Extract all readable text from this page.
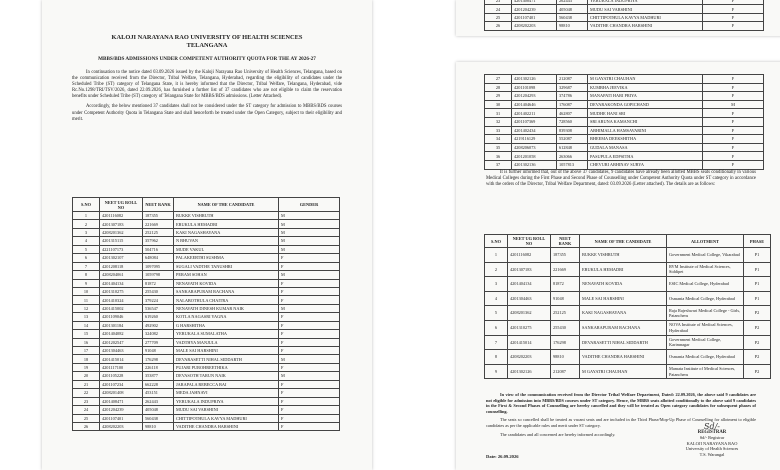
KALOJI NARAYANA RAO UNIVERSITY OF HEALTH SCIENCES
TELANGANA
MBBS/BDS ADMISSIONS UNDER COMPETENT AUTHORITY QUOTA FOR THE AY 2026-27
In continuation to the notice dated 03.09.2026 issued by the Kaloji Narayana Rao University of Health Sciences, Telangana, based on the communication received from the Director, Tribal Welfare, Telangana, Hyderabad, regarding the eligibility of candidates under the Scheduled Tribe (ST) category of Telangana State, it is hereby informed that the Director, Tribal Welfare, Telangana, Hyderabad, vide Rc.No.1298/TRI/TSV/2026, dated 22.09.2026, has furnished a further list of 37 candidates who are not eligible to claim the reservation benefits under Scheduled Tribe (ST) category of Telangana State for MBBS/BDS admissions. (Letter Attached).
Accordingly, the below mentioned 37 candidates shall not be considered under the ST category for admission to MBBS/BDS courses under Competent Authority Quota in Telangana State and shall henceforth be treated under the Open Category, subject to their eligibility and merit.
S.NO	NEET UG ROLL NO	NEET RANK	NAME OF THE CANDIDATE	GENDER
1	4201116082	187355	BUKKE VISHRUTH	M
2	4201307183	221669	ERUKULA HEMADRI	M
3	4208201362	252125	KAKI NAGASHAYANA	M
4	4201315115	357962	N BHUVAN	M
5	4221107173	504716	MUDE VAKUL	M
6	4201302107	648084	PALAKEERTHI SUSHMA	F
7	4201208118	1097095	SUGALI VADTHE TANUSHRI	F
8	4208204061	1059798	PERAM SOHAN	M
9	4201404134	81872	NENAVATH KOVIDA	F
10	4201310275	255430	SANKARAPURAM RACHANA	F
11	4201410324	379224	NALABOTHULA CHAITRA	F
12	4201415002	536547	NENAVATH DINESH KUMAR NAIK	M
13	4201109046	619260	KOTLA NAGASRI YAGNA	F
14	4201301184	492902	G HARSHITHA	F
15	4201404082	324082	YERUKALA SUMALATHA	F
16	4201202547	277709	VADTHYA MANJULA	F
17	4201304463	91048	MALE SAI HARSHINI	F
18	4201415014	176298	DEVARASETTI NIHAL SIDDARTH	M
19	4201117100	226118	PUJARI PUROHREETHIKA	F
20	4201105228	353877	DEVASOTH TARUN NAIK	M
21	4201107234	662228	JARAPALA REBECCA BAI	F
22	4208201408	453151	MEDA JAHNAVI	F
23	4201408471	262443	YERUKALA INDUPRIYA	F
24	4201204239	405048	MUDU SAI VARSHINI	F
25	4201107401	560438	CHITTIPOTHULA KAVYA MADHURI	F
26	4208202203	98810	VADITHE CHANDRA HARSHINI	F
23	4201408471	262443	YERUKALA INDUPRIYA	F
24	4201204239	405048	MUDU SAI VARSHINI	F
25	4201107401	560438	CHITTIPOTHULA KAVYA MADHURI	F
26	4208202203	98810	VADITHE CHANDRA HARSHINI	F
27	4201302126	212087	M GAYATRI CHAUHAN	F
28	4201101098	329687	KUMBHA JEEVIKA	F
29	4201204293	374786	MANAPATI HARI PRIYA	F
30	4201404646	176087	DEVARAKONDA GOPICHAND	M
31	4201402211	462807	MUDHE HANI SRI	F
32	4201107369	728560	SRI ARUNA KAMANCHI	F
33	4201402434	839308	ABHIMALLA HAMSAVARINI	F
34	4219116129	552087	BHEEMA DEEKSHITHA	F
35	4208206073	612848	GUDALA MANASA	F
36	4201201058	263066	PASUPULA EDPSITHA	F
37	4201302136	1057813	CHEVURI ABHINAV SURYA	F
It is further informed that, out of the above 37 candidates, 9 candidates have already been allotted MBBS seats conditionally in various Medical Colleges during the First Phase and Second Phase of Counselling under Competent Authority Quota under ST category in accordance with the orders of the Director, Tribal Welfare Department, dated: 03.09.2026 (Letter attached). The details are as follows:
S.NO	NEET UG ROLL NO	NEET RANK	NAME OF THE CANDIDATE	ALLOTMENT	PHASE
1	4201116082	187355	BUKKE VISHRUTH	Government Medical College, Vikarabad	P1
2	4201307183	221669	ERUKULA HEMADRI	RVM Institute of Medical Sciences, Siddipet	P1
3	4201404134	81872	NENAVATH KOVIDA	ESIC Medical College, Hyderabad	P1
4	4201304463	91048	MALE SAI HARSHINI	Osmania Medical College, Hyderabad	P1
5	4208201362	252125	KAKI NAGASHAYANA	Raja Rajeshwari Medical College - Girls, Patancheru	P2
6	4201310275	255430	SANKARAPURAM RACHANA	NOVA Institute of Medical Sciences, Hyderabad	P2
7	4201415014	176298	DEVARASETTI NIHAL SIDDARTH	Government Medical College, Karimnagar	P2
8	4208202203	98810	VADITHE CHANDRA HARSHINI	Osmania Medical College, Hyderabad	P2
9	4201302126	212087	M GAYATRI CHAUHAN	Mamata Institute of Medical Sciences, Patancheru	P2
In view of the communication received from the Director Tribal Welfare Department, Dated: 22.09.2026, the above said 9 candidates are not eligible for admission into MBBS/BDS courses under ST category. Hence, the MBBS seats allotted conditionally to the above said 9 candidates in the First & Second Phases of Counselling are hereby cancelled and they will be treated as Open category candidates for subsequent phases of counselling.
The seats so cancelled shall be treated as vacant seats and are included in the Third Phase/Mop-Up Phase of Counselling for allotment to eligible candidates as per the applicable rules and merit under ST category.
The candidates and all concerned are hereby informed accordingly.
Date: 26.09.2026
Sd/-
REGISTRAR
Sd/- Registrar
KALOJI NARAYANA RAO
University of Health Sciences
T.S. Warangal
